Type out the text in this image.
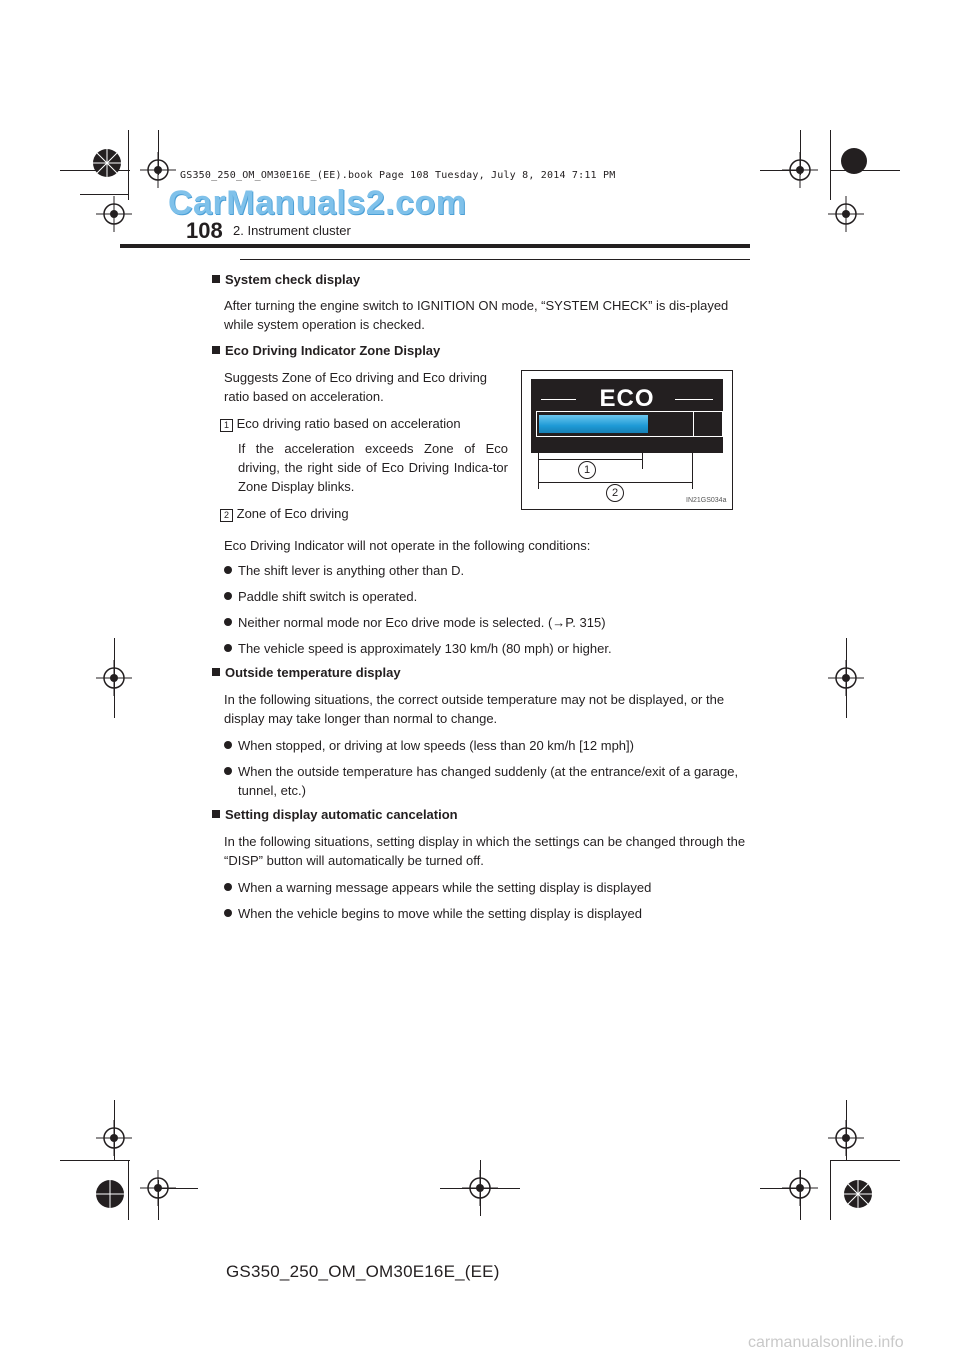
GS350_250_OM_OM30E16E_(EE).book Page 108 Tuesday, July 8, 2014 7:11 PM
CarManuals2.com
108 2. Instrument cluster
System check display
After turning the engine switch to IGNITION ON mode, “SYSTEM CHECK” is dis-played while system operation is checked.
Eco Driving Indicator Zone Display
Suggests Zone of Eco driving and Eco driving ratio based on acceleration.
1 Eco driving ratio based on acceleration
If the acceleration exceeds Zone of Eco driving, the right side of Eco Driving Indica-tor Zone Display blinks.
2 Zone of Eco driving
ECO
1
2
IN21GS034a
Eco Driving Indicator will not operate in the following conditions:
The shift lever is anything other than D.
Paddle shift switch is operated.
Neither normal mode nor Eco drive mode is selected. (→P. 315)
The vehicle speed is approximately 130 km/h (80 mph) or higher.
Outside temperature display
In the following situations, the correct outside temperature may not be displayed, or the display may take longer than normal to change.
When stopped, or driving at low speeds (less than 20 km/h [12 mph])
When the outside temperature has changed suddenly (at the entrance/exit of a garage, tunnel, etc.)
Setting display automatic cancelation
In the following situations, setting display in which the settings can be changed through the “DISP” button will automatically be turned off.
When a warning message appears while the setting display is displayed
When the vehicle begins to move while the setting display is displayed
GS350_250_OM_OM30E16E_(EE)
carmanualsonline.info
